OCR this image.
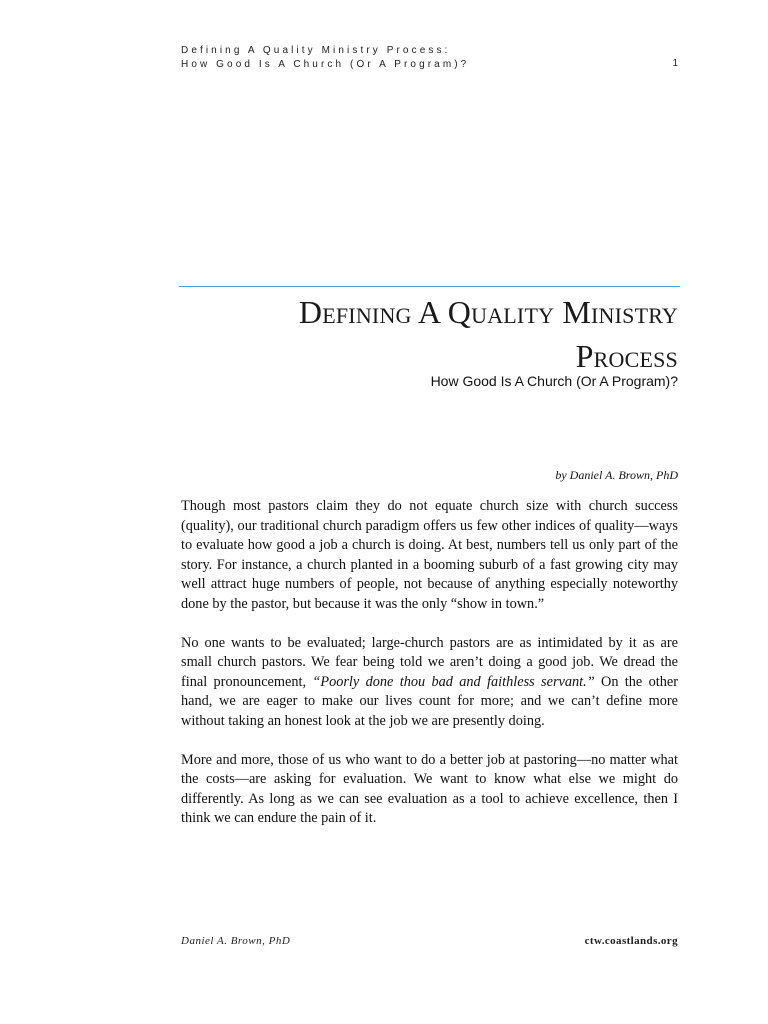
Defining A Quality Ministry Process:
How Good Is A Church (Or A Program)?	1
Defining A Quality Ministry
Process
How Good Is A Church (Or A Program)?
by Daniel A. Brown, PhD

Though most pastors claim they do not equate church size with church success (quality), our traditional church paradigm offers us few other indices of quality—ways to evaluate how good a job a church is doing. At best, numbers tell us only part of the story. For instance, a church planted in a booming suburb of a fast growing city may well attract huge numbers of people, not because of anything especially noteworthy done by the pastor, but because it was the only “show in town.”

No one wants to be evaluated; large-church pastors are as intimidated by it as are small church pastors. We fear being told we aren’t doing a good job. We dread the final pronouncement, “Poorly done thou bad and faithless servant.” On the other hand, we are eager to make our lives count for more; and we can’t define more without taking an honest look at the job we are presently doing.

More and more, those of us who want to do a better job at pastoring—no matter what the costs—are asking for evaluation. We want to know what else we might do differently. As long as we can see evaluation as a tool to achieve excellence, then I think we can endure the pain of it.

Daniel A. Brown, PhD	ctw.coastlands.org
